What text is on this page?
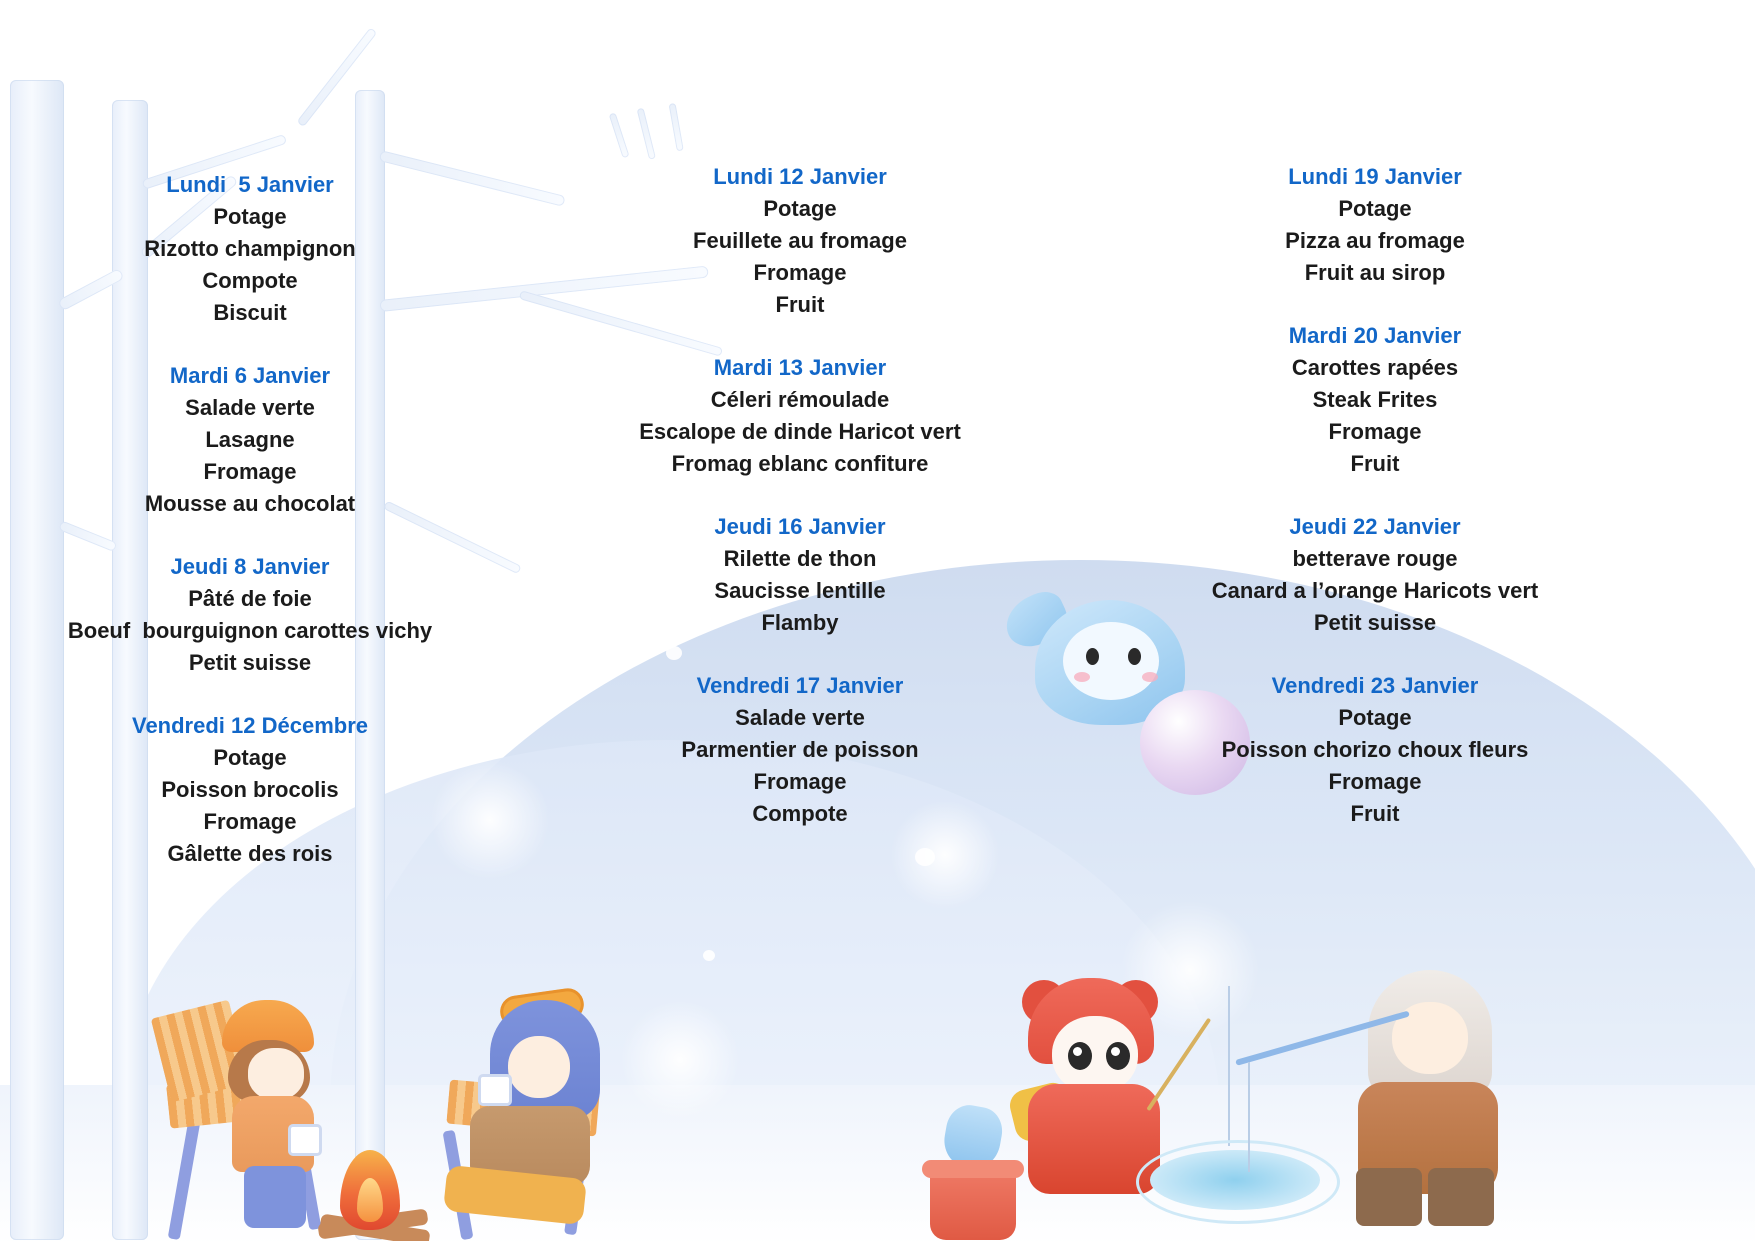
Lundi  5 Janvier
Potage
Rizotto champignon
Compote
Biscuit
Mardi 6 Janvier
Salade verte
Lasagne
Fromage
Mousse au chocolat
Jeudi 8 Janvier
Pâté de foie
Boeuf  bourguignon carottes vichy
Petit suisse
Vendredi 12 Décembre
Potage
Poisson brocolis
Fromage
Gâlette des rois
Lundi 12 Janvier
Potage
Feuillete au fromage
Fromage
Fruit
Mardi 13 Janvier
Céleri rémoulade
Escalope de dinde Haricot vert
Fromag eblanc confiture
Jeudi 16 Janvier
Rilette de thon
Saucisse lentille
Flamby
Vendredi 17 Janvier
Salade verte
Parmentier de poisson
Fromage
Compote
Lundi 19 Janvier
Potage
Pizza au fromage
Fruit au sirop
Mardi 20 Janvier
Carottes rapées
Steak Frites
Fromage
Fruit
Jeudi 22 Janvier
betterave rouge
Canard a l’orange Haricots vert
Petit suisse
Vendredi 23 Janvier
Potage
Poisson chorizo choux fleurs
Fromage
Fruit
